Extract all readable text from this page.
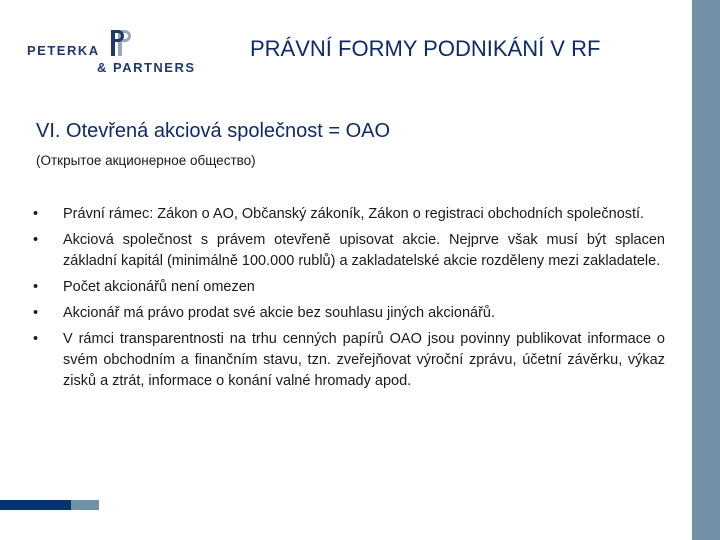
PETERKA
& PARTNERS
PRÁVNÍ FORMY PODNIKÁNÍ V RF
VI. Otevřená akciová společnost = OAO
(Открытое акционерное общество)
• Právní rámec: Zákon o AO, Občanský zákoník, Zákon o registraci obchodních společností.
• Akciová společnost s právem otevřeně upisovat akcie. Nejprve však musí být splacen základní kapitál (minimálně 100.000 rublů) a zakladatelské akcie rozděleny mezi zakladatele.
• Počet akcionářů není omezen
• Akcionář má právo prodat své akcie bez souhlasu jiných akcionářů.
• V rámci transparentnosti na trhu cenných papírů OAO jsou povinny publikovat informace o svém obchodním a finančním stavu, tzn. zveřejňovat výroční zprávu, účetní závěrku, výkaz zisků a ztrát, informace o konání valné hromady apod.
